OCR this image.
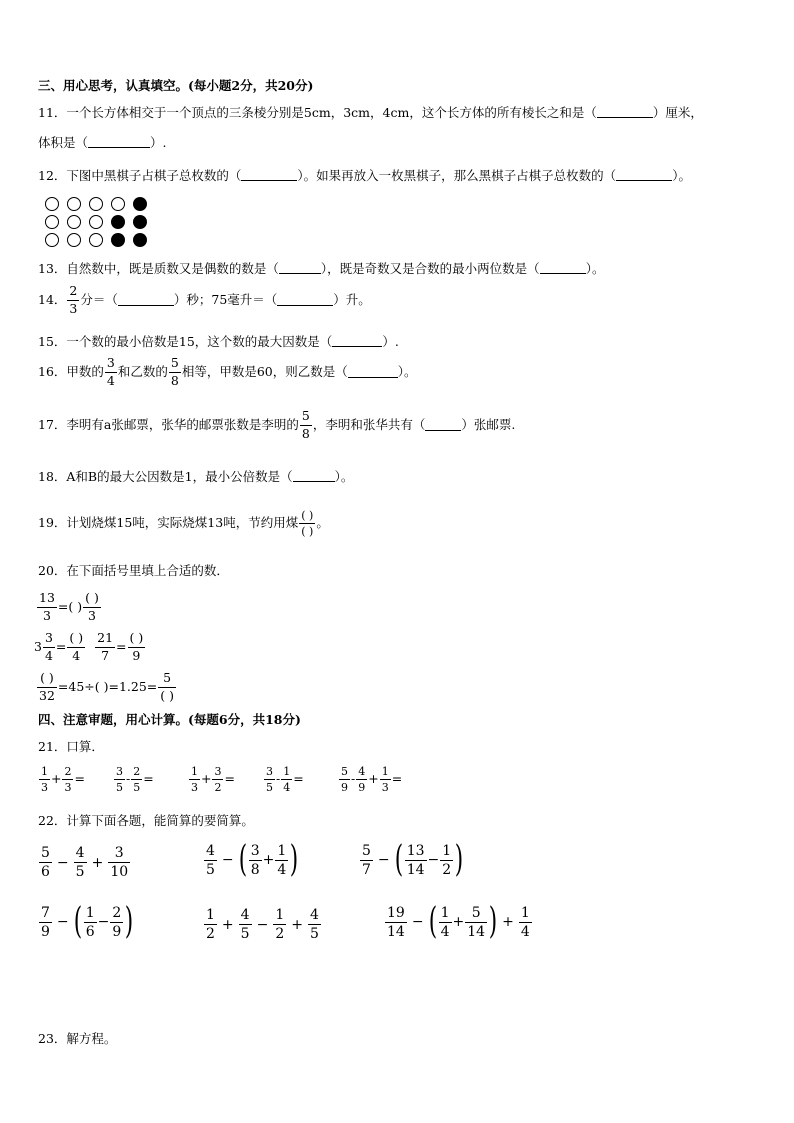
三、用心思考，认真填空。(每小题2分，共20分)
11．一个长方体相交于一个顶点的三条棱分别是5cm，3cm，4cm，这个长方体的所有棱长之和是（	）厘米，
体积是（	）.
12．下图中黑棋子占棋子总枚数的（	）。如果再放入一枚黑棋子，那么黑棋子占棋子总枚数的（	）。
13．自然数中，既是质数又是偶数的数是（	），既是奇数又是合数的最小两位数是（	）。
14． $\frac{2}{3}$ 分＝（	）秒；75毫升＝（	）升。
15．一个数的最小倍数是15，这个数的最大因数是（	）.
16．甲数的 $\frac{3}{4}$ 和乙数的 $\frac{5}{8}$ 相等，甲数是60，则乙数是（	）。
17．李明有a张邮票，张华的邮票张数是李明的 $\frac{5}{8}$ ，李明和张华共有（	）张邮票.
18．A和B的最大公因数是1，最小公倍数是（	）。
19．计划烧煤15吨，实际烧煤13吨，节约用煤 $\frac{( )}{( )}$ 。
20．在下面括号里填上合适的数．
$\frac{13}{3}$ =( ) $\frac{( )}{3}$
$3 \frac{3}{4} = \frac{( )}{4} \frac{21}{7} = \frac{( )}{9}$
$\frac{( )}{32} =45\div$( )$=1.25= \frac{5}{( )}$
四、注意审题，用心计算。(每题6分，共18分)
21．口算．
$\frac{1}{3} + \frac{2}{3}$ =	$\frac{3}{5} - \frac{2}{5}$ =	$\frac{1}{3} + \frac{3}{2}$ =	$\frac{3}{5} - \frac{1}{4}$ =	$\frac{5}{9} - \frac{4}{9} + \frac{1}{3}$ =
22．计算下面各题，能简算的要简算。
$\frac{5}{6} - \frac{4}{5} + \frac{3}{10}$	$\frac{4}{5}$ − ( $\frac{3}{8} + \frac{1}{4}$ )	$\frac{5}{7}$ − ( $\frac{13}{14} - \frac{1}{2}$ )
$\frac{7}{9}$ − ( $\frac{1}{6} - \frac{2}{9}$ )	$\frac{1}{2} + \frac{4}{5} - \frac{1}{2} + \frac{4}{5}$	$\frac{19}{14}$ − ( $\frac{1}{4} + \frac{5}{14}$ ) + $\frac{1}{4}$
23．解方程。
